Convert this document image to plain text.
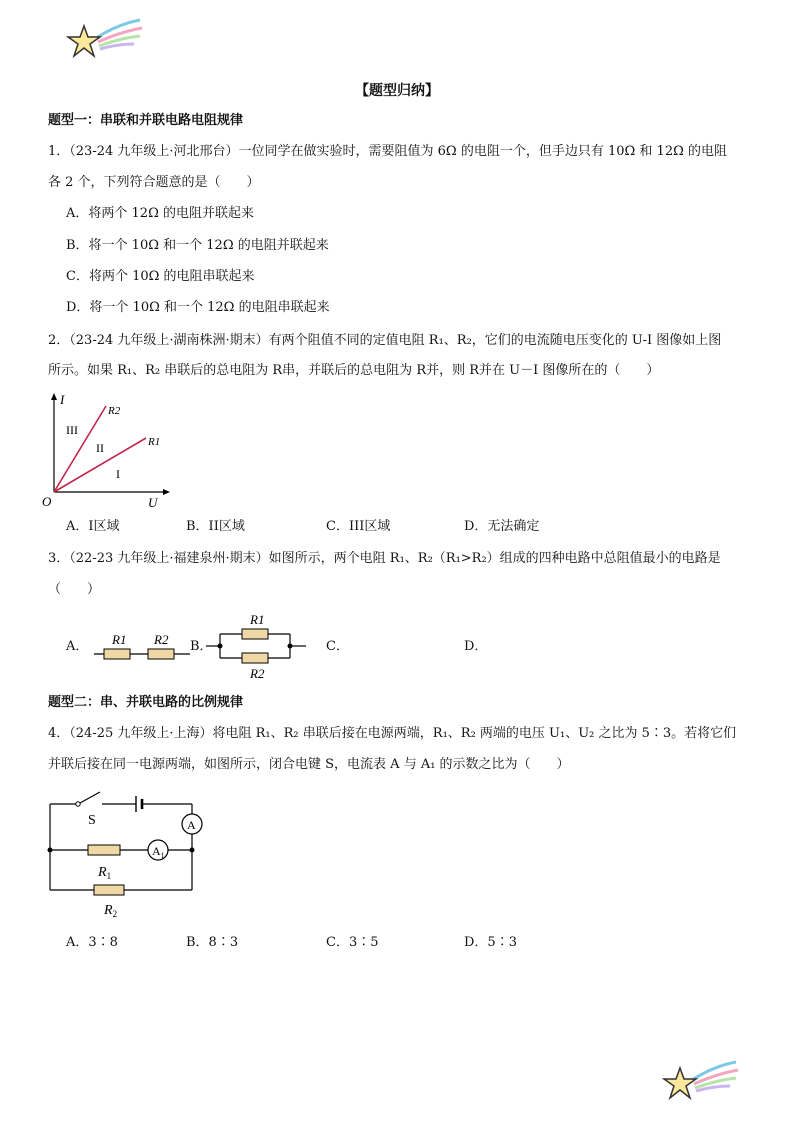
【题型归纳】
题型一：串联和并联电路电阻规律
1．（23-24 九年级上·河北邢台）一位同学在做实验时，需要阻值为 6Ω 的电阻一个，但手边只有 10Ω 和 12Ω 的电阻
各 2 个，下列符合题意的是（　　）
A．将两个 12Ω 的电阻并联起来
B．将一个 10Ω 和一个 12Ω 的电阻并联起来
C．将两个 10Ω 的电阻串联起来
D．将一个 10Ω 和一个 12Ω 的电阻串联起来
2．（23-24 九年级上·湖南株洲·期末）有两个阻值不同的定值电阻 R₁、R₂，它们的电流随电压变化的 U-I 图像如上图
所示。如果 R₁、R₂ 串联后的总电阻为 R串，并联后的总电阻为 R并，则 R并在 U－I 图像所在的（　　）
I
U
O
R2
R1
III
II
I
A．I区域	B．II区域	C．III区域	D．无法确定
3．（22-23 九年级上·福建泉州·期末）如图所示，两个电阻 R₁、R₂（R₁>R₂）组成的四种电路中总阻值最小的电路是
（　　）
A． R1 R2 B．
R1
R2
C．	D．
题型二：串、并联电路的比例规律
4．（24-25 九年级上·上海）将电阻 R₁、R₂ 串联后接在电源两端，R₁、R₂ 两端的电压 U₁、U₂ 之比为 5∶3。若将它们
并联后接在同一电源两端，如图所示，闭合电键 S，电流表 A 与 A₁ 的示数之比为（　　）
S	A
$A_1$
$R_1$
$R_2$
A．3∶8	B．8∶3	C．3∶5	D．5∶3
